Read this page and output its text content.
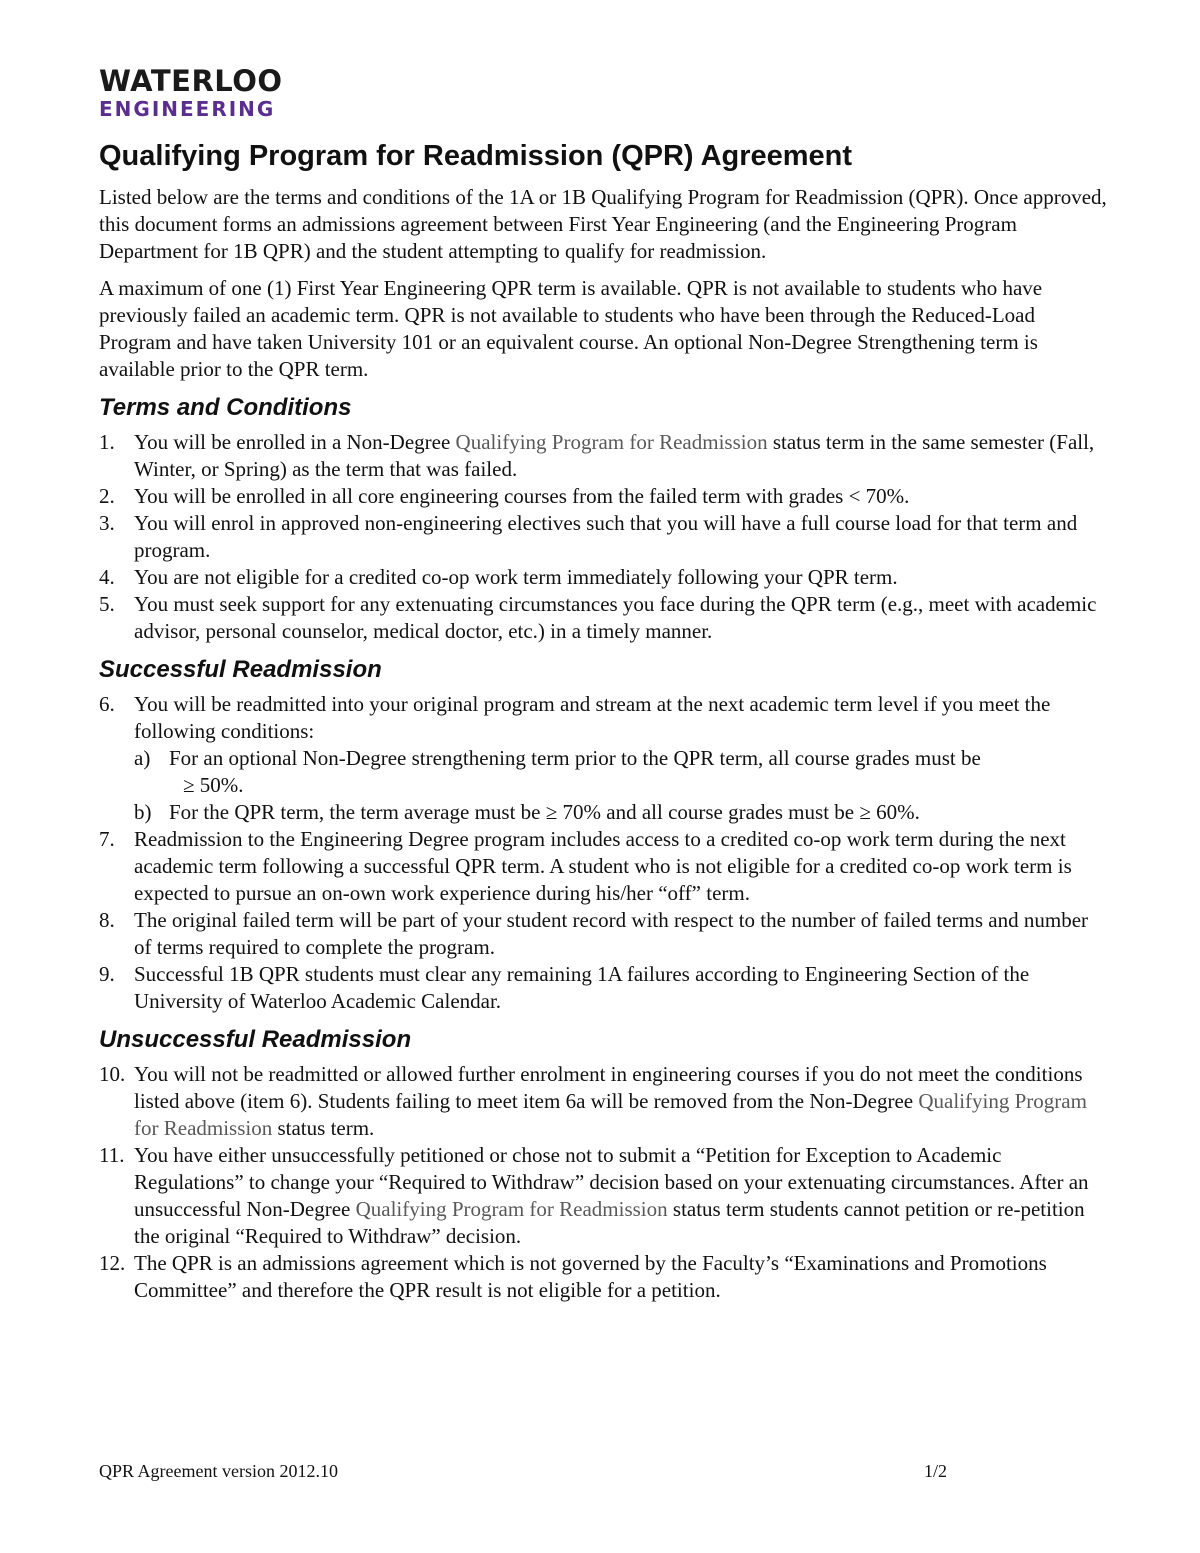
WATERLOO
ENGINEERING
Qualifying Program for Readmission (QPR) Agreement

Listed below are the terms and conditions of the 1A or 1B Qualifying Program for Readmission (QPR). Once approved, this document forms an admissions agreement between First Year Engineering (and the Engineering Program Department for 1B QPR) and the student attempting to qualify for readmission.

A maximum of one (1) First Year Engineering QPR term is available. QPR is not available to students who have previously failed an academic term. QPR is not available to students who have been through the Reduced-Load Program and have taken University 101 or an equivalent course. An optional Non-Degree Strengthening term is available prior to the QPR term.

Terms and Conditions
1. You will be enrolled in a Non-Degree Qualifying Program for Readmission status term in the same semester (Fall, Winter, or Spring) as the term that was failed.
2. You will be enrolled in all core engineering courses from the failed term with grades < 70%.
3. You will enrol in approved non-engineering electives such that you will have a full course load for that term and program.
4. You are not eligible for a credited co-op work term immediately following your QPR term.
5. You must seek support for any extenuating circumstances you face during the QPR term (e.g., meet with academic advisor, personal counselor, medical doctor, etc.) in a timely manner.
Successful Readmission
6. You will be readmitted into your original program and stream at the next academic term level if you meet the following conditions:
a) For an optional Non-Degree strengthening term prior to the QPR term, all course grades must be
≥ 50%.
b) For the QPR term, the term average must be ≥ 70% and all course grades must be ≥ 60%.
7. Readmission to the Engineering Degree program includes access to a credited co-op work term during the next academic term following a successful QPR term. A student who is not eligible for a credited co-op work term is expected to pursue an on-own work experience during his/her “off” term.
8. The original failed term will be part of your student record with respect to the number of failed terms and number of terms required to complete the program.
9. Successful 1B QPR students must clear any remaining 1A failures according to Engineering Section of the University of Waterloo Academic Calendar.
Unsuccessful Readmission
10. You will not be readmitted or allowed further enrolment in engineering courses if you do not meet the conditions listed above (item 6). Students failing to meet item 6a will be removed from the Non-Degree Qualifying Program for Readmission status term.
11. You have either unsuccessfully petitioned or chose not to submit a “Petition for Exception to Academic Regulations” to change your “Required to Withdraw” decision based on your extenuating circumstances. After an unsuccessful Non-Degree Qualifying Program for Readmission status term students cannot petition or re-petition the original “Required to Withdraw” decision.
12. The QPR is an admissions agreement which is not governed by the Faculty’s “Examinations and Promotions Committee” and therefore the QPR result is not eligible for a petition.
QPR Agreement version 2012.10	1/2
